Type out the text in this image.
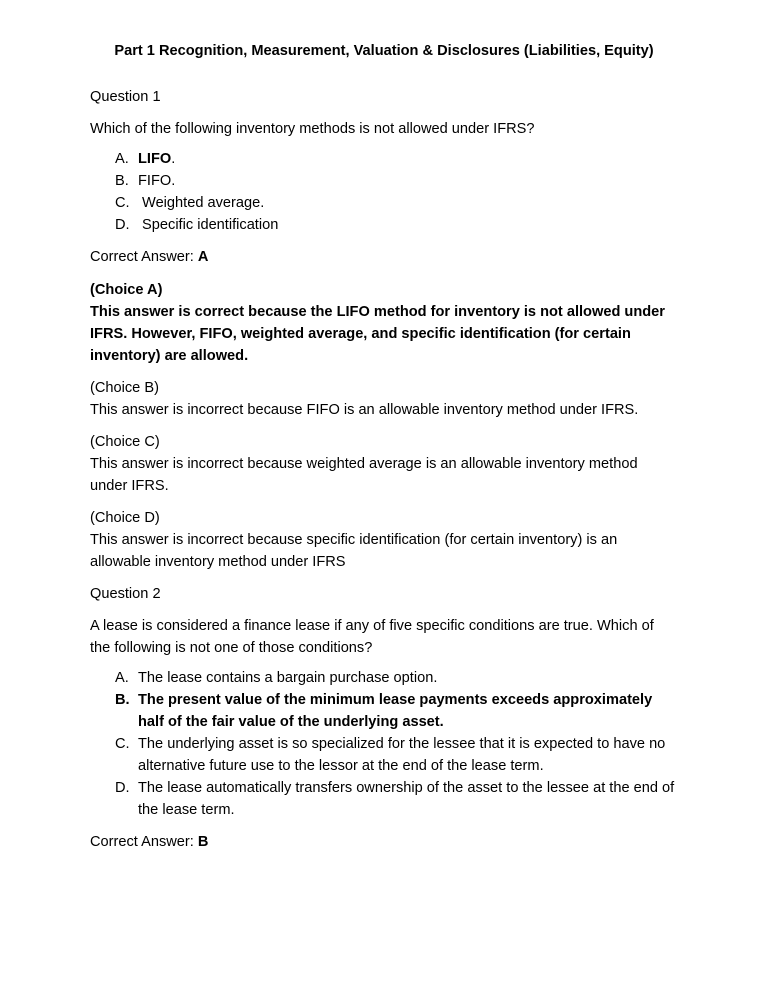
Part 1 Recognition, Measurement, Valuation & Disclosures (Liabilities, Equity)

Question 1

Which of the following inventory methods is not allowed under IFRS?

A. LIFO.
B. FIFO.
C. Weighted average.
D. Specific identification

Correct Answer: A

(Choice A)
This answer is correct because the LIFO method for inventory is not allowed under IFRS. However, FIFO, weighted average, and specific identification (for certain inventory) are allowed.

(Choice B)
This answer is incorrect because FIFO is an allowable inventory method under IFRS.

(Choice C)
This answer is incorrect because weighted average is an allowable inventory method under IFRS.

(Choice D)
This answer is incorrect because specific identification (for certain inventory) is an allowable inventory method under IFRS

Question 2

A lease is considered a finance lease if any of five specific conditions are true. Which of the following is not one of those conditions?

A. The lease contains a bargain purchase option.
B. The present value of the minimum lease payments exceeds approximately half of the fair value of the underlying asset.
C. The underlying asset is so specialized for the lessee that it is expected to have no alternative future use to the lessor at the end of the lease term.
D. The lease automatically transfers ownership of the asset to the lessee at the end of the lease term.

Correct Answer: B
